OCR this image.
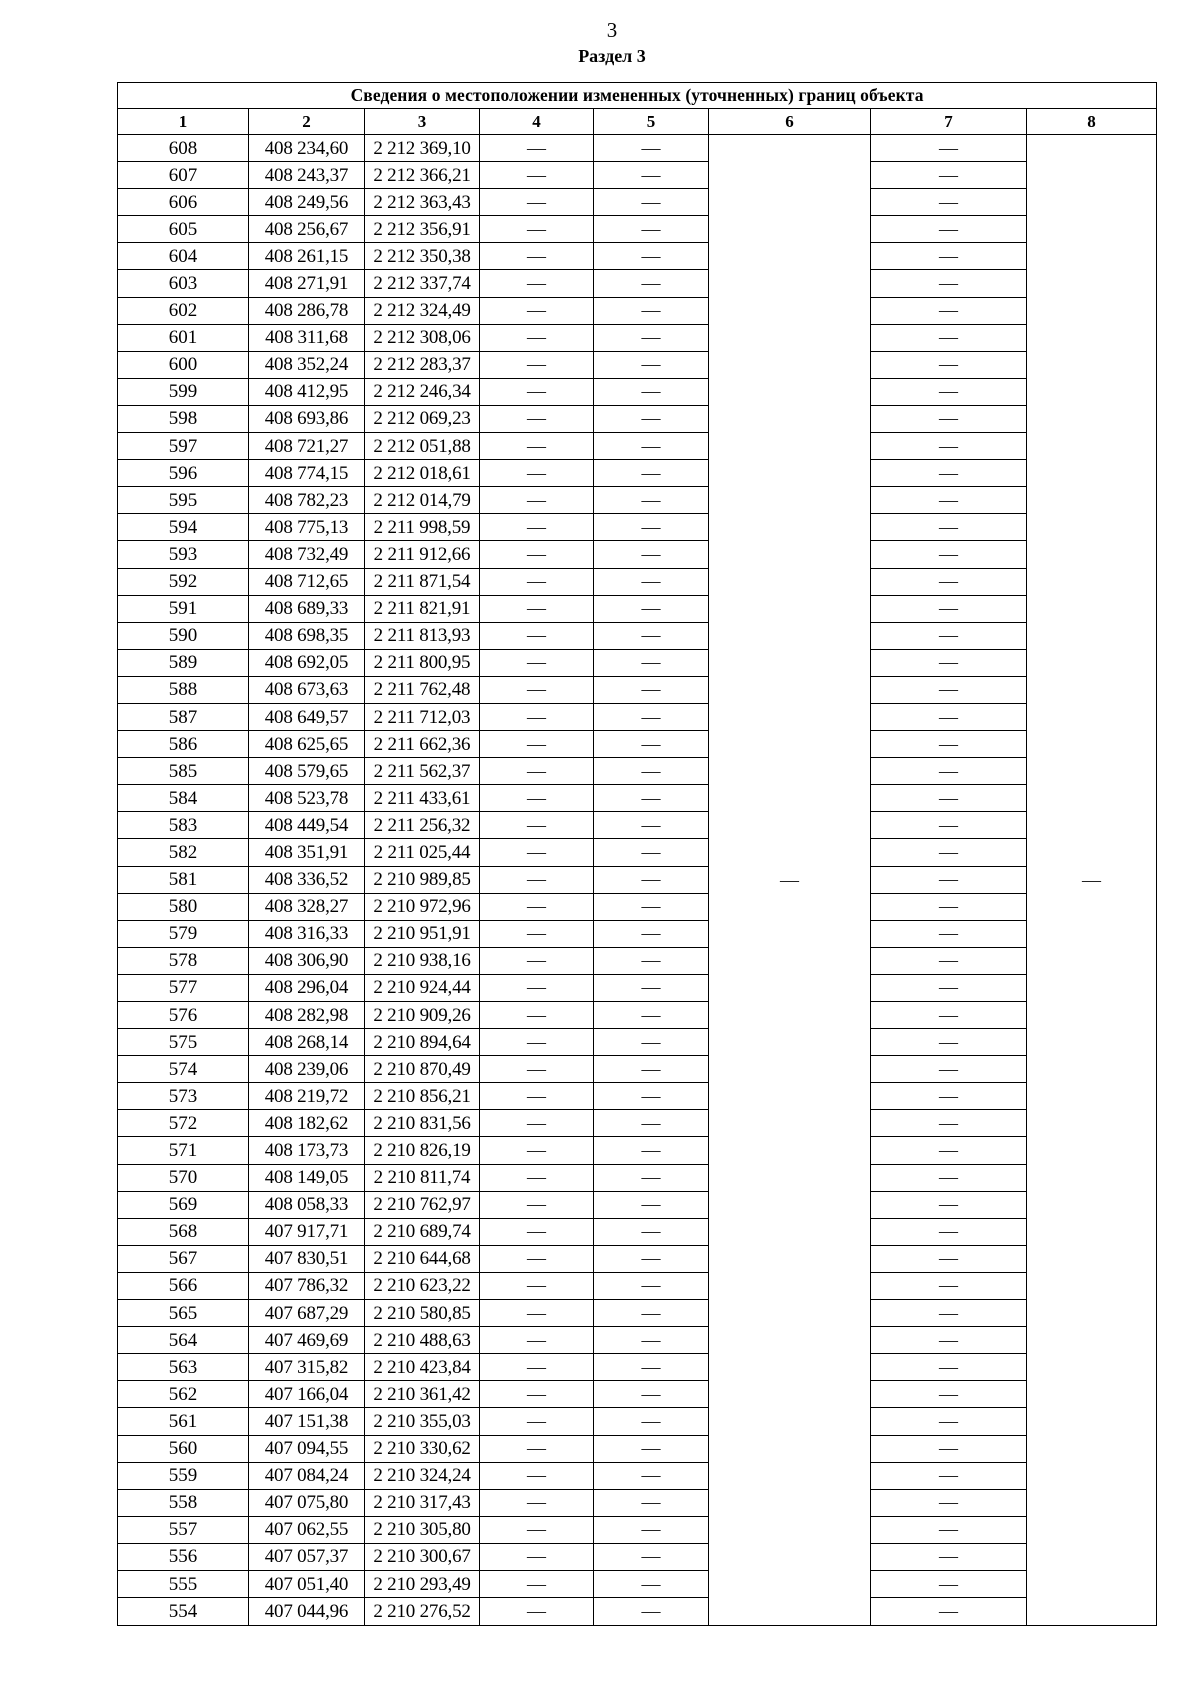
3
Раздел 3
Сведения о местоположении измененных (уточненных) границ объекта							
1	2	3	4	5	6	7	8
608	408 234,60	2 212 369,10	—	—	—	—	—
607	408 243,37	2 212 366,21	—	—		—	
606	408 249,56	2 212 363,43	—	—		—	
605	408 256,67	2 212 356,91	—	—		—	
604	408 261,15	2 212 350,38	—	—		—	
603	408 271,91	2 212 337,74	—	—		—	
602	408 286,78	2 212 324,49	—	—		—	
601	408 311,68	2 212 308,06	—	—		—	
600	408 352,24	2 212 283,37	—	—		—	
599	408 412,95	2 212 246,34	—	—		—	
598	408 693,86	2 212 069,23	—	—		—	
597	408 721,27	2 212 051,88	—	—		—	
596	408 774,15	2 212 018,61	—	—		—	
595	408 782,23	2 212 014,79	—	—		—	
594	408 775,13	2 211 998,59	—	—		—	
593	408 732,49	2 211 912,66	—	—		—	
592	408 712,65	2 211 871,54	—	—		—	
591	408 689,33	2 211 821,91	—	—		—	
590	408 698,35	2 211 813,93	—	—		—	
589	408 692,05	2 211 800,95	—	—		—	
588	408 673,63	2 211 762,48	—	—		—	
587	408 649,57	2 211 712,03	—	—		—	
586	408 625,65	2 211 662,36	—	—		—	
585	408 579,65	2 211 562,37	—	—		—	
584	408 523,78	2 211 433,61	—	—		—	
583	408 449,54	2 211 256,32	—	—		—	
582	408 351,91	2 211 025,44	—	—		—	
581	408 336,52	2 210 989,85	—	—		—	
580	408 328,27	2 210 972,96	—	—		—	
579	408 316,33	2 210 951,91	—	—		—	
578	408 306,90	2 210 938,16	—	—		—	
577	408 296,04	2 210 924,44	—	—		—	
576	408 282,98	2 210 909,26	—	—		—	
575	408 268,14	2 210 894,64	—	—		—	
574	408 239,06	2 210 870,49	—	—		—	
573	408 219,72	2 210 856,21	—	—		—	
572	408 182,62	2 210 831,56	—	—		—	
571	408 173,73	2 210 826,19	—	—		—	
570	408 149,05	2 210 811,74	—	—		—	
569	408 058,33	2 210 762,97	—	—		—	
568	407 917,71	2 210 689,74	—	—		—	
567	407 830,51	2 210 644,68	—	—		—	
566	407 786,32	2 210 623,22	—	—		—	
565	407 687,29	2 210 580,85	—	—		—	
564	407 469,69	2 210 488,63	—	—		—	
563	407 315,82	2 210 423,84	—	—		—	
562	407 166,04	2 210 361,42	—	—		—	
561	407 151,38	2 210 355,03	—	—		—	
560	407 094,55	2 210 330,62	—	—		—	
559	407 084,24	2 210 324,24	—	—		—	
558	407 075,80	2 210 317,43	—	—		—	
557	407 062,55	2 210 305,80	—	—		—	
556	407 057,37	2 210 300,67	—	—		—	
555	407 051,40	2 210 293,49	—	—		—	
554	407 044,96	2 210 276,52	—	—		—	
